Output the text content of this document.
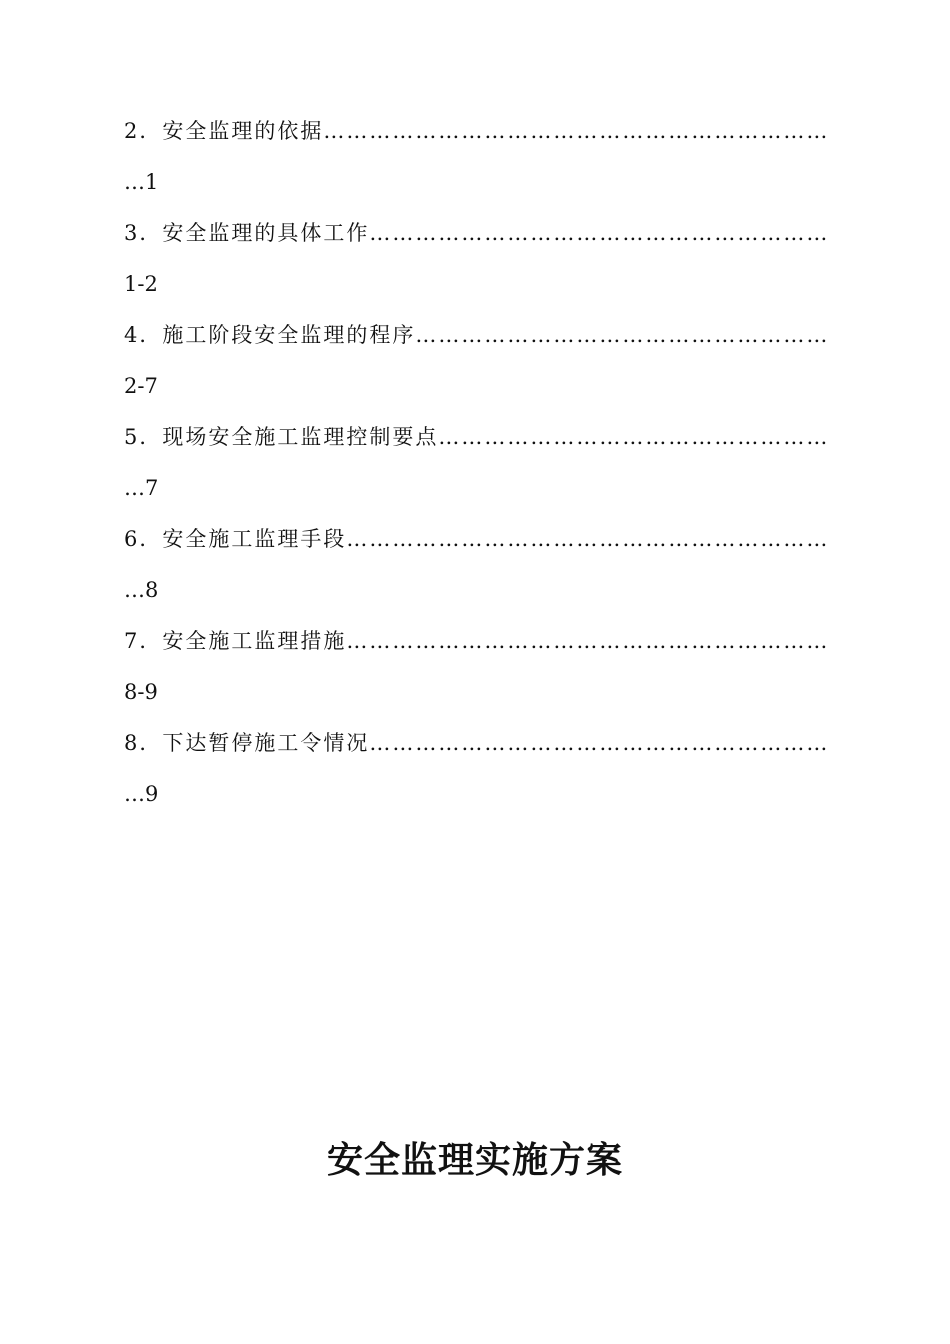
2．安全监理的依据…………………………………………………………
…1
3．安全监理的具体工作……………………………………………………
1-2
4．施工阶段安全监理的程序………………………………………………
2-7
5．现场安全施工监理控制要点……………………………………………
…7
6．安全施工监理手段………………………………………………………
…8
7．安全施工监理措施………………………………………………………
8-9
8．下达暂停施工令情况……………………………………………………
…9
安全监理实施方案
